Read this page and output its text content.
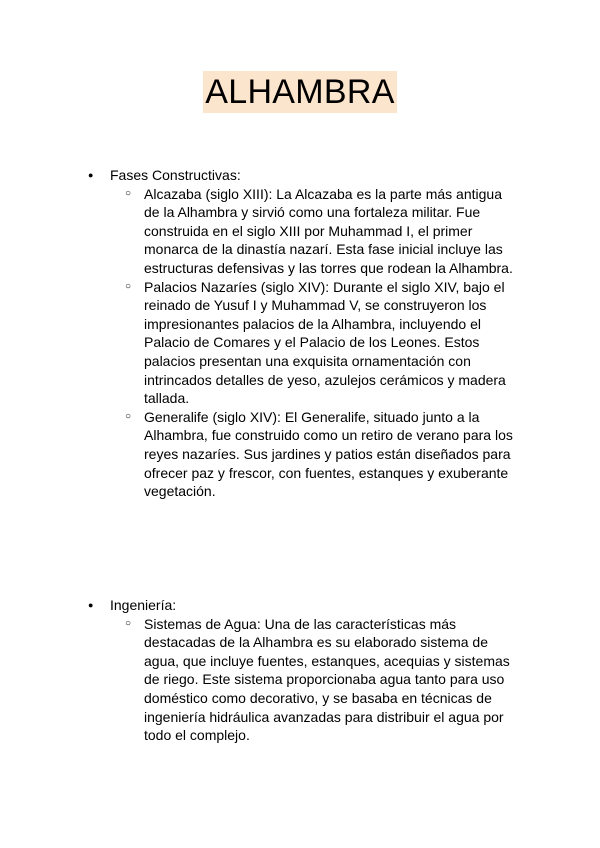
ALHAMBRA
● Fases Constructivas:
○ Alcazaba (siglo XIII): La Alcazaba es la parte más antigua de la Alhambra y sirvió como una fortaleza militar. Fue construida en el siglo XIII por Muhammad I, el primer monarca de la dinastía nazarí. Esta fase inicial incluye las estructuras defensivas y las torres que rodean la Alhambra.
○ Palacios Nazaríes (siglo XIV): Durante el siglo XIV, bajo el reinado de Yusuf I y Muhammad V, se construyeron los impresionantes palacios de la Alhambra, incluyendo el Palacio de Comares y el Palacio de los Leones. Estos palacios presentan una exquisita ornamentación con intrincados detalles de yeso, azulejos cerámicos y madera tallada.
○ Generalife (siglo XIV): El Generalife, situado junto a la Alhambra, fue construido como un retiro de verano para los reyes nazaríes. Sus jardines y patios están diseñados para ofrecer paz y frescor, con fuentes, estanques y exuberante vegetación.
● Ingeniería:
○ Sistemas de Agua: Una de las características más destacadas de la Alhambra es su elaborado sistema de agua, que incluye fuentes, estanques, acequias y sistemas de riego. Este sistema proporcionaba agua tanto para uso doméstico como decorativo, y se basaba en técnicas de ingeniería hidráulica avanzadas para distribuir el agua por todo el complejo.
